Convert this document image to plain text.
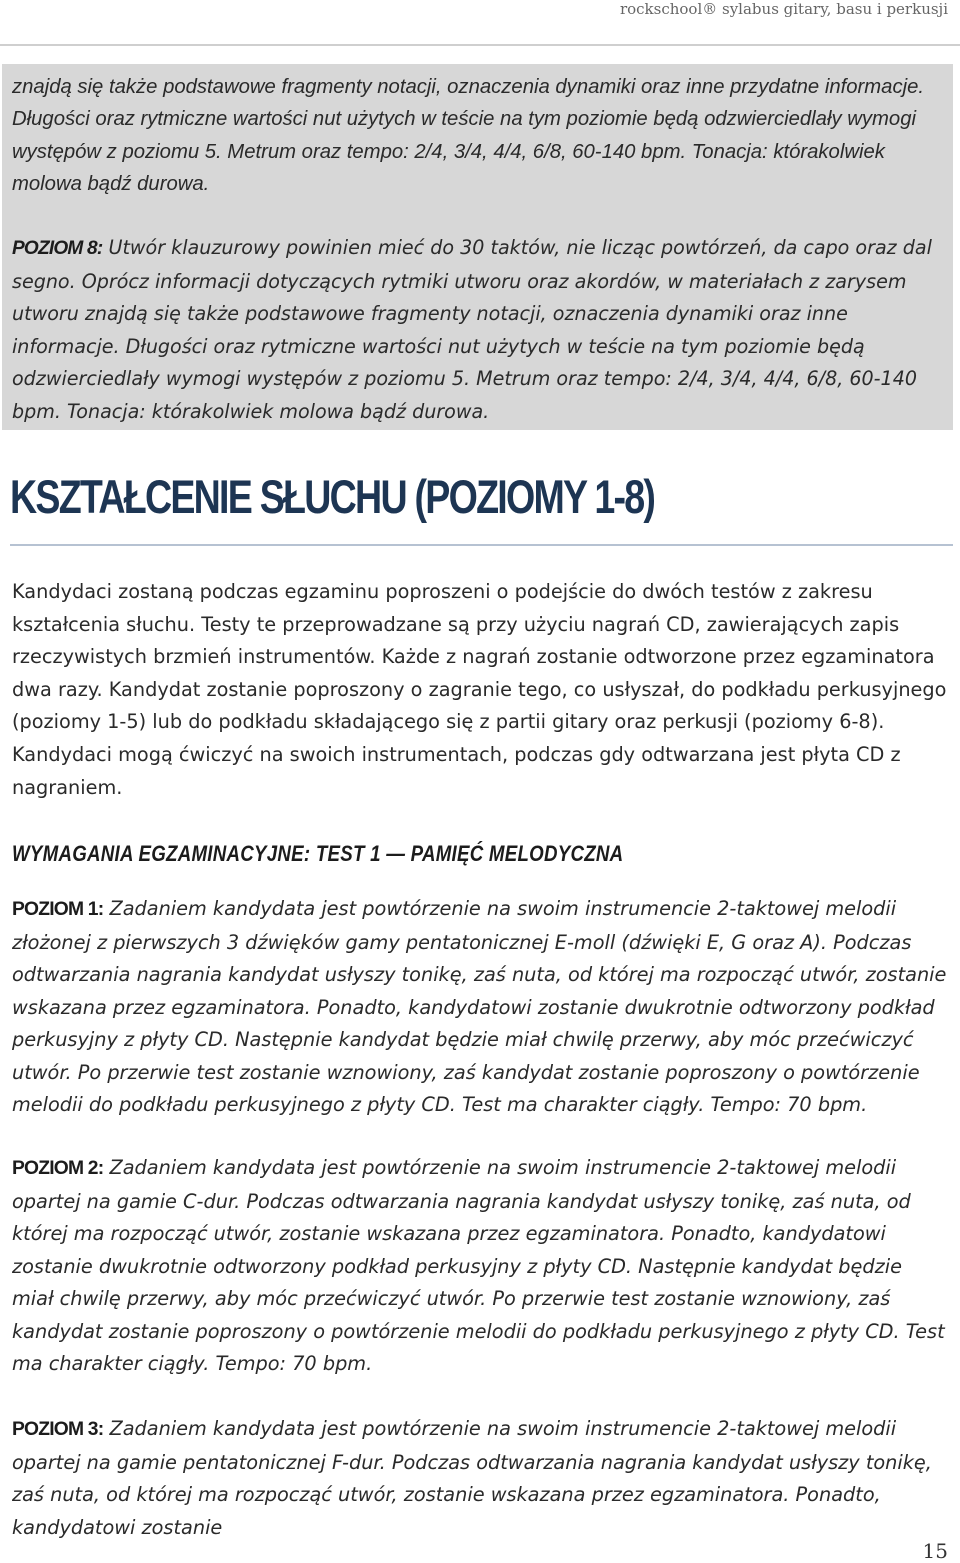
rockschool® sylabus gitary, basu i perkusji

znajdą się także podstawowe fragmenty notacji, oznaczenia dynamiki oraz inne przydatne informacje. Długości oraz rytmiczne wartości nut użytych w teście na tym poziomie będą odzwierciedlały wymogi występów z poziomu 5. Metrum oraz tempo: 2/4, 3/4, 4/4, 6/8, 60-140 bpm. Tonacja: którakolwiek molowa bądź durowa.

POZIOM 8: Utwór klauzurowy powinien mieć do 30 taktów, nie licząc powtórzeń, da capo oraz dal segno. Oprócz informacji dotyczących rytmiki utworu oraz akordów, w materiałach z zarysem utworu znajdą się także podstawowe fragmenty notacji, oznaczenia dynamiki oraz inne informacje. Długości oraz rytmiczne wartości nut użytych w teście na tym poziomie będą odzwierciedlały wymogi występów z poziomu 5. Metrum oraz tempo: 2/4, 3/4, 4/4, 6/8, 60-140 bpm. Tonacja: którakolwiek molowa bądź durowa.

KSZTAŁCENIE SŁUCHU (POZIOMY 1-8)

Kandydaci zostaną podczas egzaminu poproszeni o podejście do dwóch testów z zakresu kształcenia słuchu. Testy te przeprowadzane są przy użyciu nagrań CD, zawierających zapis rzeczywistych brzmień instrumentów. Każde z nagrań zostanie odtworzone przez egzaminatora dwa razy. Kandydat zostanie poproszony o zagranie tego, co usłyszał, do podkładu perkusyjnego (poziomy 1-5) lub do podkładu składającego się z partii gitary oraz perkusji (poziomy 6-8). Kandydaci mogą ćwiczyć na swoich instrumentach, podczas gdy odtwarzana jest płyta CD z nagraniem.

WYMAGANIA EGZAMINACYJNE: TEST 1 — PAMIĘĆ MELODYCZNA

POZIOM 1: Zadaniem kandydata jest powtórzenie na swoim instrumencie 2-taktowej melodii złożonej z pierwszych 3 dźwięków gamy pentatonicznej E-moll (dźwięki E, G oraz A). Podczas odtwarzania nagrania kandydat usłyszy tonikę, zaś nuta, od której ma rozpocząć utwór, zostanie wskazana przez egzaminatora. Ponadto, kandydatowi zostanie dwukrotnie odtworzony podkład perkusyjny z płyty CD. Następnie kandydat będzie miał chwilę przerwy, aby móc przećwiczyć utwór. Po przerwie test zostanie wznowiony, zaś kandydat zostanie poproszony o powtórzenie melodii do podkładu perkusyjnego z płyty CD. Test ma charakter ciągły. Tempo: 70 bpm.

POZIOM 2: Zadaniem kandydata jest powtórzenie na swoim instrumencie 2-taktowej melodii opartej na gamie C-dur. Podczas odtwarzania nagrania kandydat usłyszy tonikę, zaś nuta, od której ma rozpocząć utwór, zostanie wskazana przez egzaminatora. Ponadto, kandydatowi zostanie dwukrotnie odtworzony podkład perkusyjny z płyty CD. Następnie kandydat będzie miał chwilę przerwy, aby móc przećwiczyć utwór. Po przerwie test zostanie wznowiony, zaś kandydat zostanie poproszony o powtórzenie melodii do podkładu perkusyjnego z płyty CD. Test ma charakter ciągły. Tempo: 70 bpm.

POZIOM 3: Zadaniem kandydata jest powtórzenie na swoim instrumencie 2-taktowej melodii opartej na gamie pentatonicznej F-dur. Podczas odtwarzania nagrania kandydat usłyszy tonikę, zaś nuta, od której ma rozpocząć utwór, zostanie wskazana przez egzaminatora. Ponadto, kandydatowi zostanie

15
